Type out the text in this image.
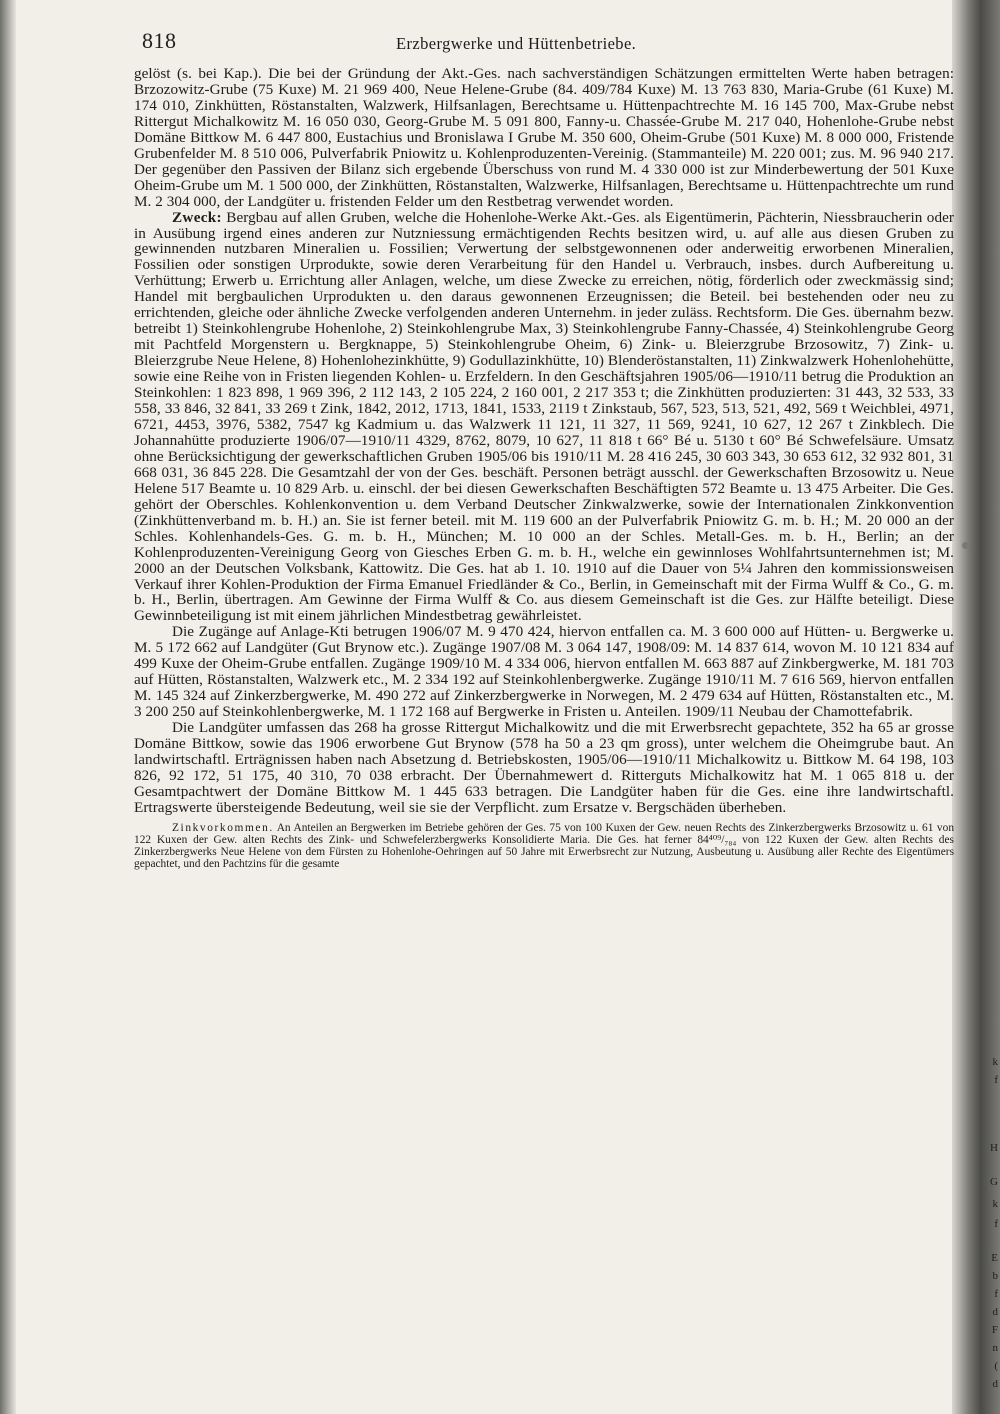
k
f
H
G
k
f
E
b
f
d
F
n
(
d
818	Erzbergwerke und Hüttenbetriebe.

gelöst (s. bei Kap.). Die bei der Gründung der Akt.-Ges. nach sachverständigen Schätzungen ermittelten Werte haben betragen: Brzozowitz-Grube (75 Kuxe) M. 21 969 400, Neue Helene-Grube (84. 409/784 Kuxe) M. 13 763 830, Maria-Grube (61 Kuxe) M. 174 010, Zinkhütten, Röstanstalten, Walzwerk, Hilfsanlagen, Berechtsame u. Hüttenpachtrechte M. 16 145 700, Max-Grube nebst Rittergut Michalkowitz M. 16 050 030, Georg-Grube M. 5 091 800, Fanny-u. Chassée-Grube M. 217 040, Hohenlohe-Grube nebst Domäne Bittkow M. 6 447 800, Eustachius und Bronislawa I Grube M. 350 600, Oheim-Grube (501 Kuxe) M. 8 000 000, Fristende Grubenfelder M. 8 510 006, Pulverfabrik Pniowitz u. Kohlenproduzenten-Vereinig. (Stammanteile) M. 220 001; zus. M. 96 940 217. Der gegenüber den Passiven der Bilanz sich ergebende Überschuss von rund M. 4 330 000 ist zur Minderbewertung der 501 Kuxe Oheim-Grube um M. 1 500 000, der Zinkhütten, Röstanstalten, Walzwerke, Hilfsanlagen, Berechtsame u. Hüttenpachtrechte um rund M. 2 304 000, der Landgüter u. fristenden Felder um den Restbetrag verwendet worden.

Zweck: Bergbau auf allen Gruben, welche die Hohenlohe-Werke Akt.-Ges. als Eigentümerin, Pächterin, Niessbraucherin oder in Ausübung irgend eines anderen zur Nutzniessung ermächtigenden Rechts besitzen wird, u. auf alle aus diesen Gruben zu gewinnenden nutzbaren Mineralien u. Fossilien; Verwertung der selbstgewonnenen oder anderweitig erworbenen Mineralien, Fossilien oder sonstigen Urprodukte, sowie deren Verarbeitung für den Handel u. Verbrauch, insbes. durch Aufbereitung u. Verhüttung; Erwerb u. Errichtung aller Anlagen, welche, um diese Zwecke zu erreichen, nötig, förderlich oder zweckmässig sind; Handel mit bergbaulichen Urprodukten u. den daraus gewonnenen Erzeugnissen; die Beteil. bei bestehenden oder neu zu errichtenden, gleiche oder ähnliche Zwecke verfolgenden anderen Unternehm. in jeder zuläss. Rechtsform. Die Ges. übernahm bezw. betreibt 1) Steinkohlengrube Hohenlohe, 2) Steinkohlengrube Max, 3) Steinkohlengrube Fanny-Chassée, 4) Steinkohlengrube Georg mit Pachtfeld Morgenstern u. Bergknappe, 5) Steinkohlengrube Oheim, 6) Zink- u. Bleierzgrube Brzosowitz, 7) Zink- u. Bleierzgrube Neue Helene, 8) Hohenlohezinkhütte, 9) Godullazinkhütte, 10) Blenderöstanstalten, 11) Zinkwalzwerk Hohenlohehütte, sowie eine Reihe von in Fristen liegenden Kohlen- u. Erzfeldern. In den Geschäftsjahren 1905/06—1910/11 betrug die Produktion an Steinkohlen: 1 823 898, 1 969 396, 2 112 143, 2 105 224, 2 160 001, 2 217 353 t; die Zinkhütten produzierten: 31 443, 32 533, 33 558, 33 846, 32 841, 33 269 t Zink, 1842, 2012, 1713, 1841, 1533, 2119 t Zinkstaub, 567, 523, 513, 521, 492, 569 t Weichblei, 4971, 6721, 4453, 3976, 5382, 7547 kg Kadmium u. das Walzwerk 11 121, 11 327, 11 569, 9241, 10 627, 12 267 t Zinkblech. Die Johannahütte produzierte 1906/07—1910/11 4329, 8762, 8079, 10 627, 11 818 t 66° Bé u. 5130 t 60° Bé Schwefelsäure. Umsatz ohne Berücksichtigung der gewerkschaftlichen Gruben 1905/06 bis 1910/11 M. 28 416 245, 30 603 343, 30 653 612, 32 932 801, 31 668 031, 36 845 228. Die Gesamtzahl der von der Ges. beschäft. Personen beträgt ausschl. der Gewerkschaften Brzosowitz u. Neue Helene 517 Beamte u. 10 829 Arb. u. einschl. der bei diesen Gewerkschaften Beschäftigten 572 Beamte u. 13 475 Arbeiter. Die Ges. gehört der Oberschles. Kohlenkonvention u. dem Verband Deutscher Zinkwalzwerke, sowie der Internationalen Zinkkonvention (Zinkhüttenverband m. b. H.) an. Sie ist ferner beteil. mit M. 119 600 an der Pulverfabrik Pniowitz G. m. b. H.; M. 20 000 an der Schles. Kohlenhandels-Ges. G. m. b. H., München; M. 10 000 an der Schles. Metall-Ges. m. b. H., Berlin; an der Kohlenproduzenten-Vereinigung Georg von Giesches Erben G. m. b. H., welche ein gewinnloses Wohlfahrtsunternehmen ist; M. 2000 an der Deutschen Volksbank, Kattowitz. Die Ges. hat ab 1. 10. 1910 auf die Dauer von 5¼ Jahren den kommissionsweisen Verkauf ihrer Kohlen-Produktion der Firma Emanuel Friedländer & Co., Berlin, in Gemeinschaft mit der Firma Wulff & Co., G. m. b. H., Berlin, übertragen. Am Gewinne der Firma Wulff & Co. aus diesem Gemeinschaft ist die Ges. zur Hälfte beteiligt. Diese Gewinnbeteiligung ist mit einem jährlichen Mindestbetrag gewährleistet.

Die Zugänge auf Anlage-Kti betrugen 1906/07 M. 9 470 424, hiervon entfallen ca. M. 3 600 000 auf Hütten- u. Bergwerke u. M. 5 172 662 auf Landgüter (Gut Brynow etc.). Zugänge 1907/08 M. 3 064 147, 1908/09: M. 14 837 614, wovon M. 10 121 834 auf 499 Kuxe der Oheim-Grube entfallen. Zugänge 1909/10 M. 4 334 006, hiervon entfallen M. 663 887 auf Zinkbergwerke, M. 181 703 auf Hütten, Röstanstalten, Walzwerk etc., M. 2 334 192 auf Steinkohlenbergwerke. Zugänge 1910/11 M. 7 616 569, hiervon entfallen M. 145 324 auf Zinkerzbergwerke, M. 490 272 auf Zinkerzbergwerke in Norwegen, M. 2 479 634 auf Hütten, Röstanstalten etc., M. 3 200 250 auf Steinkohlenbergwerke, M. 1 172 168 auf Bergwerke in Fristen u. Anteilen. 1909/11 Neubau der Chamottefabrik.

Die Landgüter umfassen das 268 ha grosse Rittergut Michalkowitz und die mit Erwerbsrecht gepachtete, 352 ha 65 ar grosse Domäne Bittkow, sowie das 1906 erworbene Gut Brynow (578 ha 50 a 23 qm gross), unter welchem die Oheimgrube baut. An landwirtschaftl. Erträgnissen haben nach Absetzung d. Betriebskosten, 1905/06—1910/11 Michalkowitz u. Bittkow M. 64 198, 103 826, 92 172, 51 175, 40 310, 70 038 erbracht. Der Übernahmewert d. Ritterguts Michalkowitz hat M. 1 065 818 u. der Gesamtpachtwert der Domäne Bittkow M. 1 445 633 betragen. Die Landgüter haben für die Ges. eine ihre landwirtschaftl. Ertragswerte übersteigende Bedeutung, weil sie sie der Verpflicht. zum Ersatze v. Bergschäden überheben.

Zinkvorkommen. An Anteilen an Bergwerken im Betriebe gehören der Ges. 75 von 100 Kuxen der Gew. neuen Rechts des Zinkerzbergwerks Brzosowitz u. 61 von 122 Kuxen der Gew. alten Rechts des Zink- und Schwefelerzbergwerks Konsolidierte Maria. Die Ges. hat ferner 84⁴⁰⁹/₇₈₄ von 122 Kuxen der Gew. alten Rechts des Zinkerzbergwerks Neue Helene von dem Fürsten zu Hohenlohe-Oehringen auf 50 Jahre mit Erwerbsrecht zur Nutzung, Ausbeutung u. Ausübung aller Rechte des Eigentümers gepachtet, und den Pachtzins für die gesamte
